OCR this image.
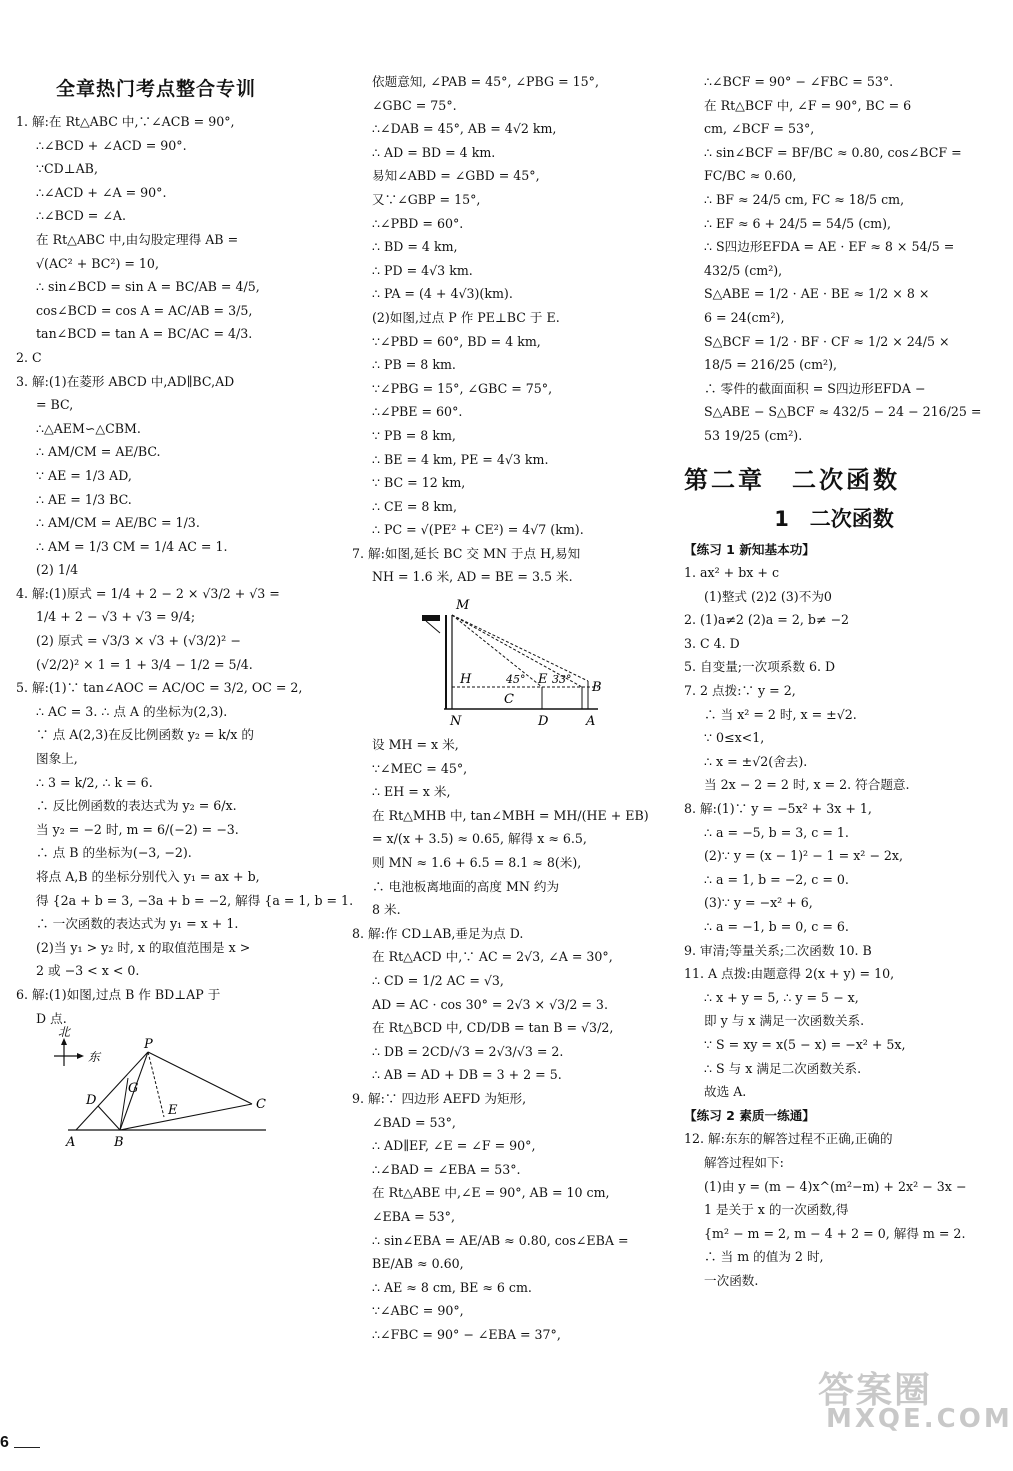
全章热门考点整合专训
1. 解:在 Rt△ABC 中,∵∠ACB = 90°,
∴∠BCD + ∠ACD = 90°.
∵CD⊥AB,
∴∠ACD + ∠A = 90°.
∴∠BCD = ∠A.
在 Rt△ABC 中,由勾股定理得 AB =
√(AC² + BC²) = 10,
∴ sin∠BCD = sin A = BC/AB = 4/5,
cos∠BCD = cos A = AC/AB = 3/5,
tan∠BCD = tan A = BC/AC = 4/3.
2. C
3. 解:(1)在菱形 ABCD 中,AD∥BC,AD
= BC,
∴△AEM∽△CBM.
∴ AM/CM = AE/BC.
∵ AE = 1/3 AD,
∴ AE = 1/3 BC.
∴ AM/CM = AE/BC = 1/3.
∴ AM = 1/3 CM = 1/4 AC = 1.
(2) 1/4
4. 解:(1)原式 = 1/4 + 2 − 2 × √3/2 + √3 =
1/4 + 2 − √3 + √3 = 9/4;
(2) 原式 = √3/3 × √3 + (√3/2)² −
(√2/2)² × 1 = 1 + 3/4 − 1/2 = 5/4.
5. 解:(1)∵ tan∠AOC = AC/OC = 3/2, OC = 2,
∴ AC = 3. ∴ 点 A 的坐标为(2,3).
∵ 点 A(2,3)在反比例函数 y₂ = k/x 的
图象上,
∴ 3 = k/2, ∴ k = 6.
∴ 反比例函数的表达式为 y₂ = 6/x.
当 y₂ = −2 时, m = 6/(−2) = −3.
∴ 点 B 的坐标为(−3, −2).
将点 A,B 的坐标分别代入 y₁ = ax + b,
得 {2a + b = 3, −3a + b = −2, 解得 {a = 1, b = 1.
∴ 一次函数的表达式为 y₁ = x + 1.
(2)当 y₁ > y₂ 时, x 的取值范围是 x >
2 或 −3 < x < 0.
6. 解:(1)如图,过点 B 作 BD⊥AP 于
D 点.
北
东
P
G
D
E	C
A	B
依题意知, ∠PAB = 45°, ∠PBG = 15°,
∠GBC = 75°.
∴∠DAB = 45°, AB = 4√2 km,
∴ AD = BD = 4 km.
易知∠ABD = ∠GBD = 45°,
又∵∠GBP = 15°,
∴∠PBD = 60°.
∴ BD = 4 km,
∴ PD = 4√3 km.
∴ PA = (4 + 4√3)(km).
(2)如图,过点 P 作 PE⊥BC 于 E.
∵∠PBD = 60°, BD = 4 km,
∴ PB = 8 km.
∵∠PBG = 15°, ∠GBC = 75°,
∴∠PBE = 60°.
∵ PB = 8 km,
∴ BE = 4 km, PE = 4√3 km.
∵ BC = 12 km,
∴ CE = 8 km,
∴ PC = √(PE² + CE²) = 4√7 (km).
7. 解:如图,延长 BC 交 MN 于点 H,易知
NH = 1.6 米, AD = BE = 3.5 米.
M
H	45° E 33°
B
C
N	D	A
设 MH = x 米,
∵∠MEC = 45°,
∴ EH = x 米,
在 Rt△MHB 中, tan∠MBH = MH/(HE + EB)
= x/(x + 3.5) ≈ 0.65, 解得 x ≈ 6.5,
则 MN ≈ 1.6 + 6.5 = 8.1 ≈ 8(米),
∴ 电池板离地面的高度 MN 约为
8 米.
8. 解:作 CD⊥AB,垂足为点 D.
在 Rt△ACD 中,∵ AC = 2√3, ∠A = 30°,
∴ CD = 1/2 AC = √3,
AD = AC · cos 30° = 2√3 × √3/2 = 3.
在 Rt△BCD 中, CD/DB = tan B = √3/2,
∴ DB = 2CD/√3 = 2√3/√3 = 2.
∴ AB = AD + DB = 3 + 2 = 5.
9. 解:∵ 四边形 AEFD 为矩形,
∠BAD = 53°,
∴ AD∥EF, ∠E = ∠F = 90°,
∴∠BAD = ∠EBA = 53°.
在 Rt△ABE 中,∠E = 90°, AB = 10 cm,
∠EBA = 53°,
∴ sin∠EBA = AE/AB ≈ 0.80, cos∠EBA =
BE/AB ≈ 0.60,
∴ AE ≈ 8 cm, BE ≈ 6 cm.
∵∠ABC = 90°,
∴∠FBC = 90° − ∠EBA = 37°,
∴∠BCF = 90° − ∠FBC = 53°.
在 Rt△BCF 中, ∠F = 90°, BC = 6
cm, ∠BCF = 53°,
∴ sin∠BCF = BF/BC ≈ 0.80, cos∠BCF =
FC/BC ≈ 0.60,
∴ BF ≈ 24/5 cm, FC ≈ 18/5 cm,
∴ EF ≈ 6 + 24/5 = 54/5 (cm),
∴ S四边形EFDA = AE · EF ≈ 8 × 54/5 =
432/5 (cm²),
S△ABE = 1/2 · AE · BE ≈ 1/2 × 8 ×
6 = 24(cm²),
S△BCF = 1/2 · BF · CF ≈ 1/2 × 24/5 ×
18/5 = 216/25 (cm²),
∴ 零件的截面面积 = S四边形EFDA −
S△ABE − S△BCF ≈ 432/5 − 24 − 216/25 =
53 19/25 (cm²).
第二章　二次函数
1　二次函数
【练习 1 新知基本功】
1. ax² + bx + c
(1)整式 (2)2 (3)不为0
2. (1)a≠2 (2)a = 2, b≠ −2
3. C 4. D
5. 自变量;一次项系数 6. D
7. 2 点拨:∵ y = 2,
∴ 当 x² = 2 时, x = ±√2.
∵ 0≤x<1,
∴ x = ±√2(舍去).
当 2x − 2 = 2 时, x = 2. 符合题意.
8. 解:(1)∵ y = −5x² + 3x + 1,
∴ a = −5, b = 3, c = 1.
(2)∵ y = (x − 1)² − 1 = x² − 2x,
∴ a = 1, b = −2, c = 0.
(3)∵ y = −x² + 6,
∴ a = −1, b = 0, c = 6.
9. 审清;等量关系;二次函数 10. B
11. A 点拨:由题意得 2(x + y) = 10,
∴ x + y = 5, ∴ y = 5 − x,
即 y 与 x 满足一次函数关系.
∵ S = xy = x(5 − x) = −x² + 5x,
∴ S 与 x 满足二次函数关系.
故选 A.
【练习 2 素质一练通】
12. 解:东东的解答过程不正确,正确的
解答过程如下:
(1)由 y = (m − 4)x^(m²−m) + 2x² − 3x −
1 是关于 x 的一次函数,得
{m² − m = 2, m − 4 + 2 = 0, 解得 m = 2.
∴ 当 m 的值为 2 时,
一次函数.
6
答案圈
MXQE.COM
